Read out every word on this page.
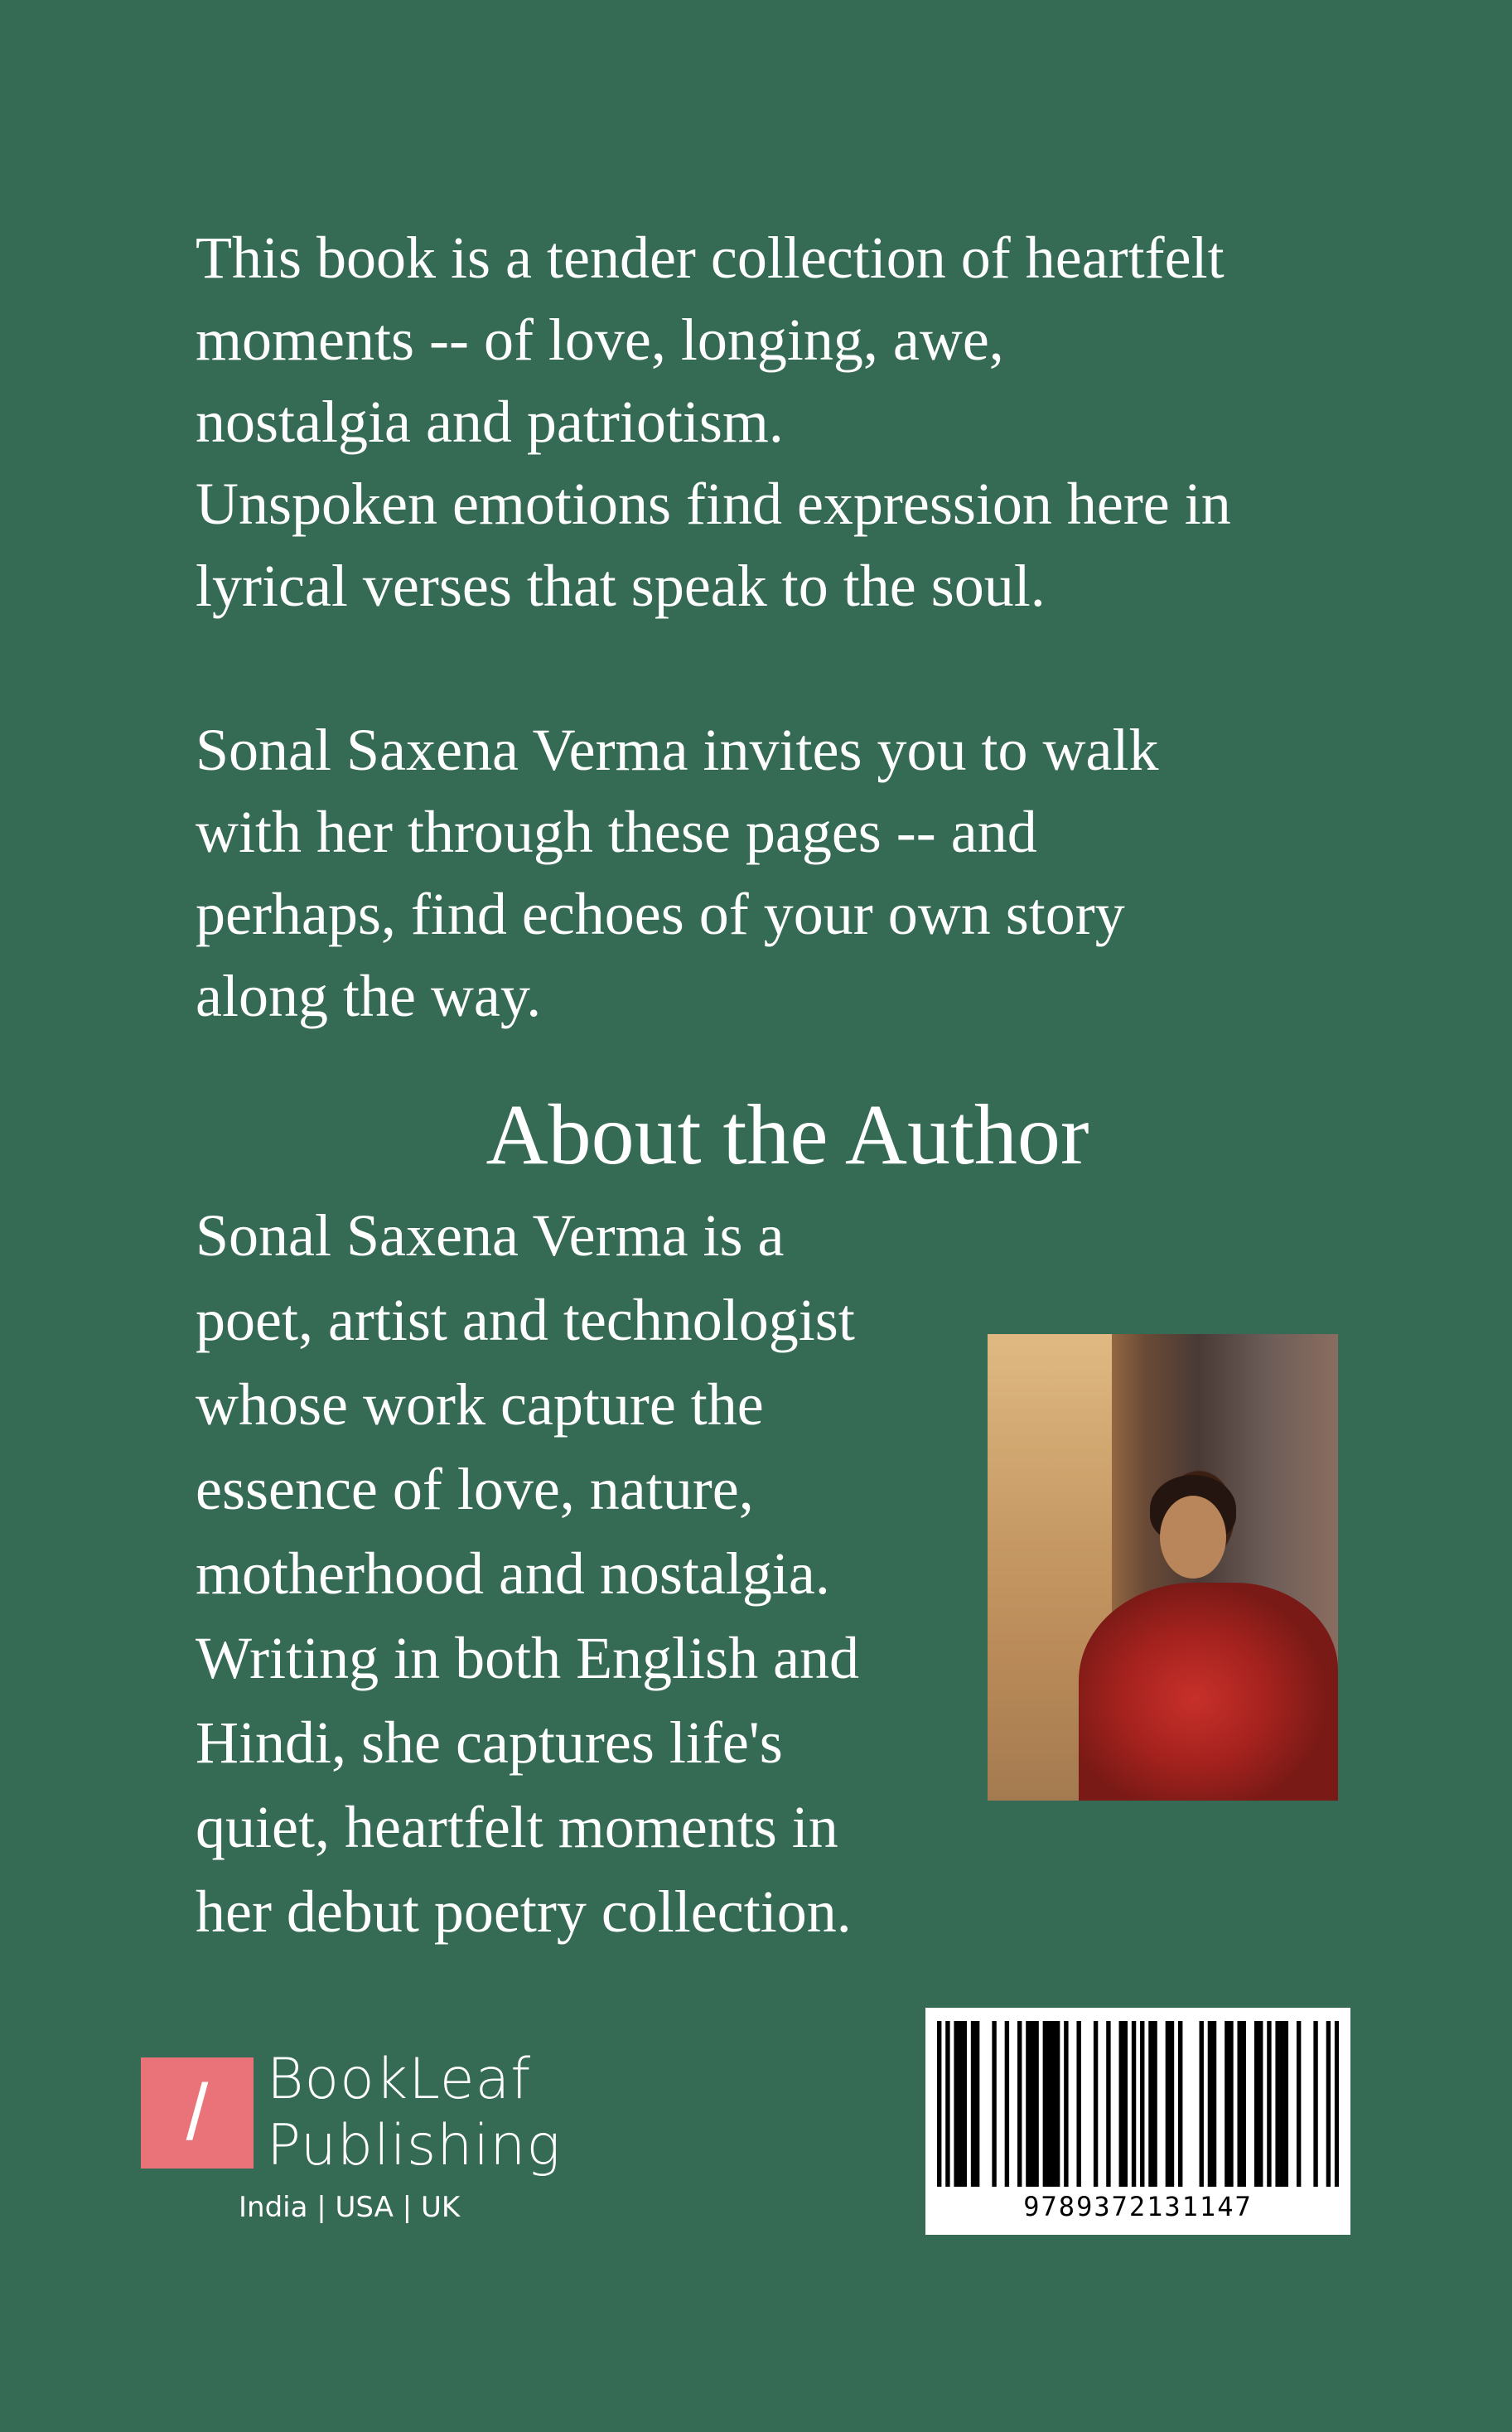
This book is a tender collection of heartfelt

moments -- of love, longing, awe,

nostalgia and patriotism.

Unspoken emotions find expression here in

lyrical verses that speak to the soul.

Sonal Saxena Verma invites you to walk

with her through these pages -- and

perhaps, find echoes of your own story

along the way.

About the Author
Sonal Saxena Verma is a
poet, artist and technologist
whose work capture the
essence of love, nature,
motherhood and nostalgia.
Writing in both English and
Hindi, she captures life's
quiet, heartfelt moments in
her debut poetry collection.
/	BookLeaf
Publishing
India | USA | UK	9789372131147
